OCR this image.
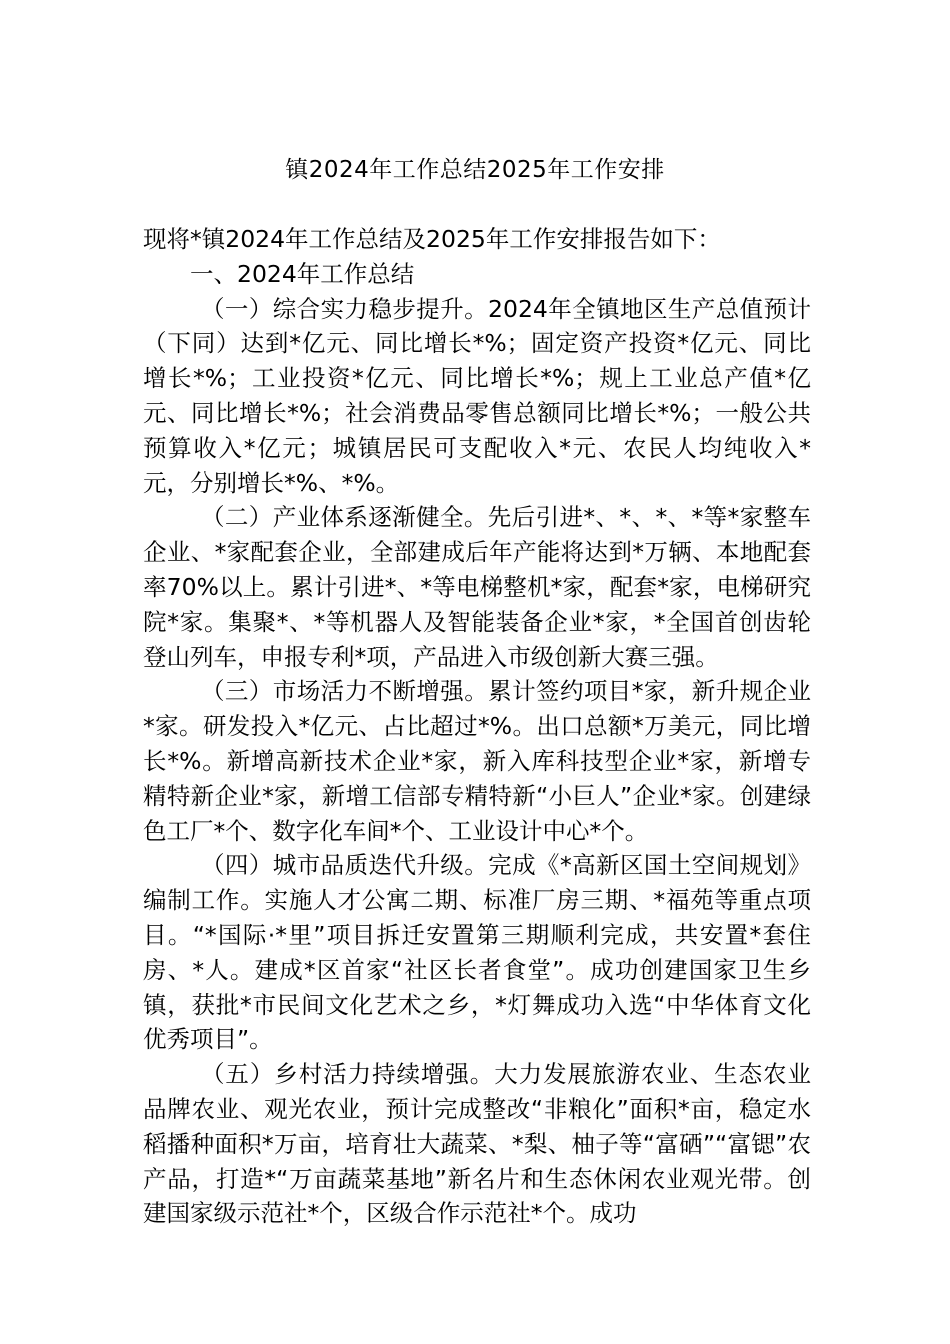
镇2024年工作总结2025年工作安排

现将*镇2024年工作总结及2025年工作安排报告如下：

一、2024年工作总结

（一）综合实力稳步提升。2024年全镇地区生产总值预计（下同）达到*亿元、同比增长*%；固定资产投资*亿元、同比增长*%；工业投资*亿元、同比增长*%；规上工业总产值*亿元、同比增长*%；社会消费品零售总额同比增长*%；一般公共预算收入*亿元；城镇居民可支配收入*元、农民人均纯收入*元，分别增长*%、*%。

（二）产业体系逐渐健全。先后引进*、*、*、*等*家整车企业、*家配套企业，全部建成后年产能将达到*万辆、本地配套率70%以上。累计引进*、*等电梯整机*家，配套*家，电梯研究院*家。集聚*、*等机器人及智能装备企业*家，*全国首创齿轮登山列车，申报专利*项，产品进入市级创新大赛三强。

（三）市场活力不断增强。累计签约项目*家，新升规企业*家。研发投入*亿元、占比超过*%。出口总额*万美元，同比增长*%。新增高新技术企业*家，新入库科技型企业*家，新增专精特新企业*家，新增工信部专精特新“小巨人”企业*家。创建绿色工厂*个、数字化车间*个、工业设计中心*个。

（四）城市品质迭代升级。完成《*高新区国土空间规划》编制工作。实施人才公寓二期、标准厂房三期、*福苑等重点项目。“*国际·*里”项目拆迁安置第三期顺利完成，共安置*套住房、*人。建成*区首家“社区长者食堂”。成功创建国家卫生乡镇，获批*市民间文化艺术之乡，*灯舞成功入选“中华体育文化优秀项目”。

（五）乡村活力持续增强。大力发展旅游农业、生态农业品牌农业、观光农业，预计完成整改“非粮化”面积*亩，稳定水稻播种面积*万亩，培育壮大蔬菜、*梨、柚子等“富硒”“富锶”农产品，打造*“万亩蔬菜基地”新名片和生态休闲农业观光带。创建国家级示范社*个，区级合作示范社*个。成功
